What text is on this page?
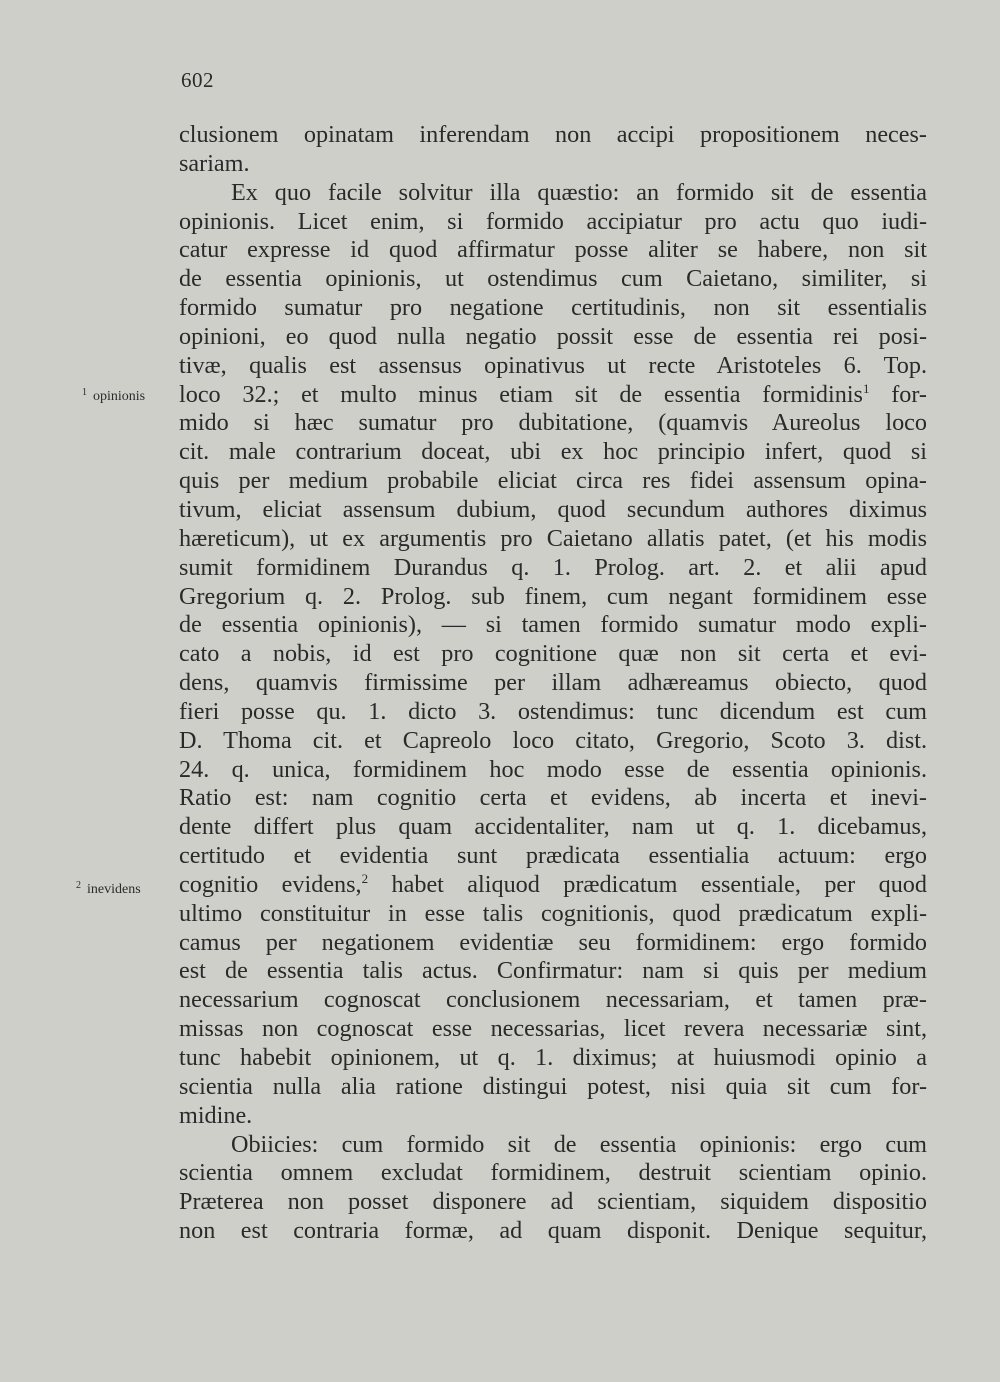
602
$^1$ opinionis
$^2$ inevidens
clusionem opinatam inferendam non accipi propositionem neces-
sariam.
Ex quo facile solvitur illa quæstio: an formido sit de essentia
opinionis. Licet enim, si formido accipiatur pro actu quo iudi-
catur expresse id quod affirmatur posse aliter se habere, non sit
de essentia opinionis, ut ostendimus cum Caietano, similiter, si
formido sumatur pro negatione certitudinis, non sit essentialis
opinioni, eo quod nulla negatio possit esse de essentia rei posi-
tivæ, qualis est assensus opinativus ut recte Aristoteles 6. Top.
loco 32.; et multo minus etiam sit de essentia formidinis$^1$ for-
mido si hæc sumatur pro dubitatione, (quamvis Aureolus loco
cit. male contrarium doceat, ubi ex hoc principio infert, quod si
quis per medium probabile eliciat circa res fidei assensum opina-
tivum, eliciat assensum dubium, quod secundum authores diximus
hæreticum), ut ex argumentis pro Caietano allatis patet, (et his modis
sumit formidinem Durandus q. 1. Prolog. art. 2. et alii apud
Gregorium q. 2. Prolog. sub finem, cum negant formidinem esse
de essentia opinionis), — si tamen formido sumatur modo expli-
cato a nobis, id est pro cognitione quæ non sit certa et evi-
dens, quamvis firmissime per illam adhæreamus obiecto, quod
fieri posse qu. 1. dicto 3. ostendimus: tunc dicendum est cum
D. Thoma cit. et Capreolo loco citato, Gregorio, Scoto 3. dist.
24. q. unica, formidinem hoc modo esse de essentia opinionis.
Ratio est: nam cognitio certa et evidens, ab incerta et inevi-
dente differt plus quam accidentaliter, nam ut q. 1. dicebamus,
certitudo et evidentia sunt prædicata essentialia actuum: ergo
cognitio evidens,$^2$ habet aliquod prædicatum essentiale, per quod
ultimo constituitur in esse talis cognitionis, quod prædicatum expli-
camus per negationem evidentiæ seu formidinem: ergo formido
est de essentia talis actus. Confirmatur: nam si quis per medium
necessarium cognoscat conclusionem necessariam, et tamen præ-
missas non cognoscat esse necessarias, licet revera necessariæ sint,
tunc habebit opinionem, ut q. 1. diximus; at huiusmodi opinio a
scientia nulla alia ratione distingui potest, nisi quia sit cum for-
midine.
Obiicies: cum formido sit de essentia opinionis: ergo cum
scientia omnem excludat formidinem, destruit scientiam opinio.
Præterea non posset disponere ad scientiam, siquidem dispositio
non est contraria formæ, ad quam disponit. Denique sequitur,
